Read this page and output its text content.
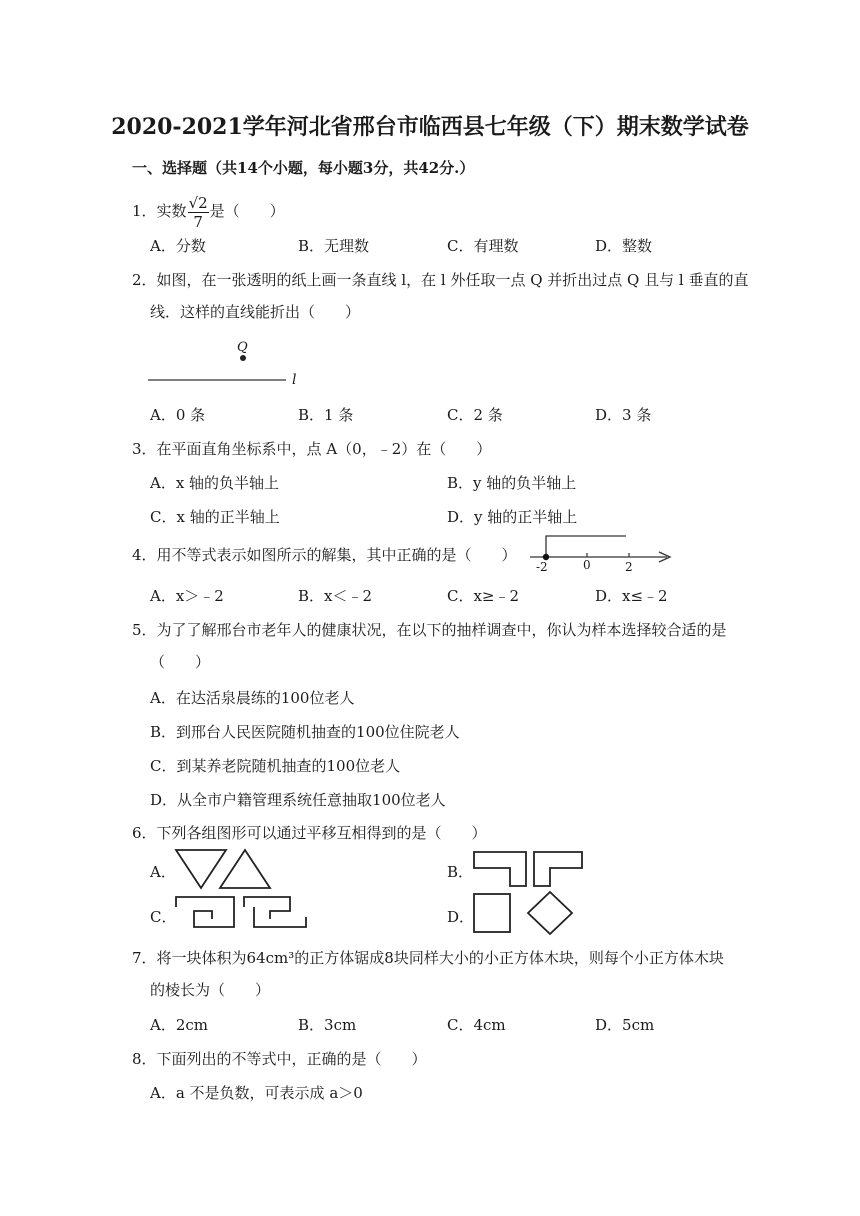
2020-2021学年河北省邢台市临西县七年级（下）期末数学试卷
一、选择题（共14个小题，每小题3分，共42分.）
1．实数 $\frac{√2}{7}$ 是（　　）
A．分数	B．无理数	C．有理数	D．整数
2．如图，在一张透明的纸上画一条直线 l，在 l 外任取一点 Q 并折出过点 Q 且与 l 垂直的直
线．这样的直线能折出（　　）
Q
l
A．0 条	B．1 条	C．2 条	D．3 条
3．在平面直角坐标系中，点 A（0，﹣2）在（　　）
A．x 轴的负半轴上	B．y 轴的负半轴上
C．x 轴的正半轴上	D．y 轴的正半轴上
4．用不等式表示如图所示的解集，其中正确的是（　　）
-2	0	2
A．x＞﹣2	B．x＜﹣2	C．x≥﹣2	D．x≤﹣2
5．为了了解邢台市老年人的健康状况，在以下的抽样调查中，你认为样本选择较合适的是
（　　）
A．在达活泉晨练的100位老人
B．到邢台人民医院随机抽查的100位住院老人
C．到某养老院随机抽查的100位老人
D．从全市户籍管理系统任意抽取100位老人
6．下列各组图形可以通过平移互相得到的是（　　）
A．	B．
C．	D．
7．将一块体积为64cm³的正方体锯成8块同样大小的小正方体木块，则每个小正方体木块
的棱长为（　　）
A．2cm	B．3cm	C．4cm	D．5cm
8．下面列出的不等式中，正确的是（　　）
A．a 不是负数，可表示成 a＞0
